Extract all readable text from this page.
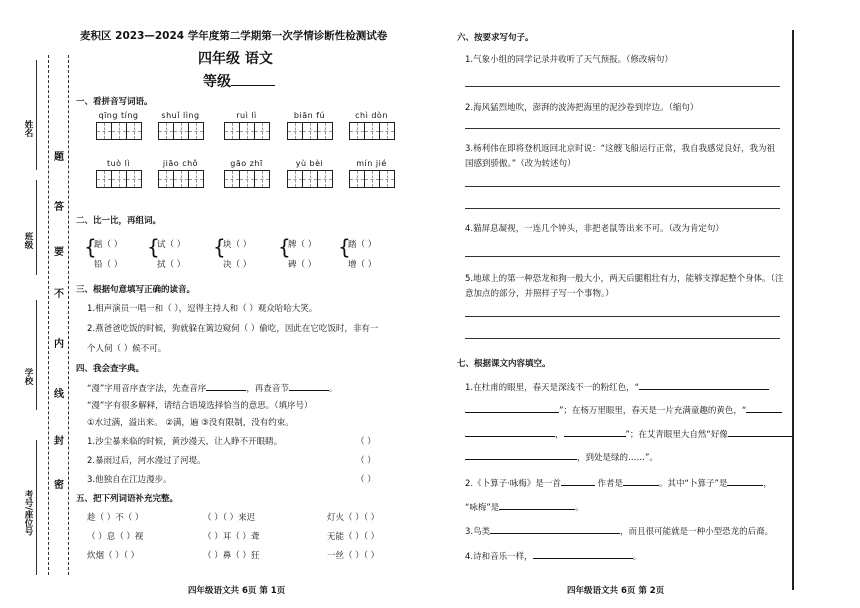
姓名
班级
学校
考号/座位号
题
答
要
不
内
线
封
密
麦积区 2023—2024 学年度第二学期第一次学情诊断性检测试卷
四年级 语文
等级
一、看拼音写词语。
qīng tíng	shuǐ lìng	ruì lì	biān fú	chì dòn
tuò lì	jiāo chǒ	gāo zhī	yù bèi	mín jié
二、比一比，再组词。
{
踮（ ）
铅（ ）
{
试（ ）
拭（ ）
{
块（ ）
决（ ）
{
牌（ ）
碑（ ）
{
踏（ ）
增（ ）
三、根据句意填写正确的读音。
1.相声演员一唱一和（ ），逗得主持人和（ ）观众哈哈大笑。
2.燕爸爸吃饭的时候，狗就躲在篱边窥伺（ ）偷吃，因此在它吃饭时，非有一
个人伺（ ）候不可。
四、我会查字典。
“漫”字用音序查字法，先查音序	，再查音节	。
“漫”字有很多解释，请结合语境选择恰当的意思。（填序号）
①水过满，溢出来。 ②满，遍 ③没有限制，没有约束。
1.沙尘暴来临的时候，黄沙漫天，让人睁不开眼睛。	（ ）
2.暴雨过后，河水漫过了河堤。	（ ）
3.他独自在江边漫步。	（ ）
五、把下列词语补充完整。
趁（ ）不（ ）	（ ）（ ）来迟	灯火（ ）（ ）
（ ）息（ ）视	（ ）耳（ ）聋	无能（ ）（ ）
炊烟（ ）（ ）	（ ）鼻（ ）狂	一丝（ ）（ ）
四年级语文共 6页 第 1页
六、按要求写句子。
1.气象小组的同学记录并收听了天气预报。（修改病句）
2.海风猛烈地吹，澎湃的波涛把海里的泥沙卷到岸边。（缩句）
3.杨利伟在即将登机返回北京时说：“这艘飞船运行正常，我自我感觉良好，我为祖
国感到骄傲。”（改为转述句）
4.猫屏息凝视，一连几个钟头，非把老鼠等出来不可。（改为肯定句）
5.地球上的第一种恐龙和狗一般大小，两天后腿粗壮有力，能够支撑起整个身体。（注
意加点的部分，并照样子写一个事物。）
七、根据课文内容填空。
1.在杜甫的眼里，春天是深浅不一的粉红色，“
”；在杨万里眼里，春天是一片充满童趣的黄色，“
，	”；在艾青眼里大自然“好像
，到处是绿的……”。
2.《卜算子·咏梅》是一首	作者是	。其中“卜算子”是	，
“咏梅”是	。
3.鸟类	，而且很可能就是一种小型恐龙的后裔。
4.诗和音乐一样，	。
四年级语文共 6页 第 2页
